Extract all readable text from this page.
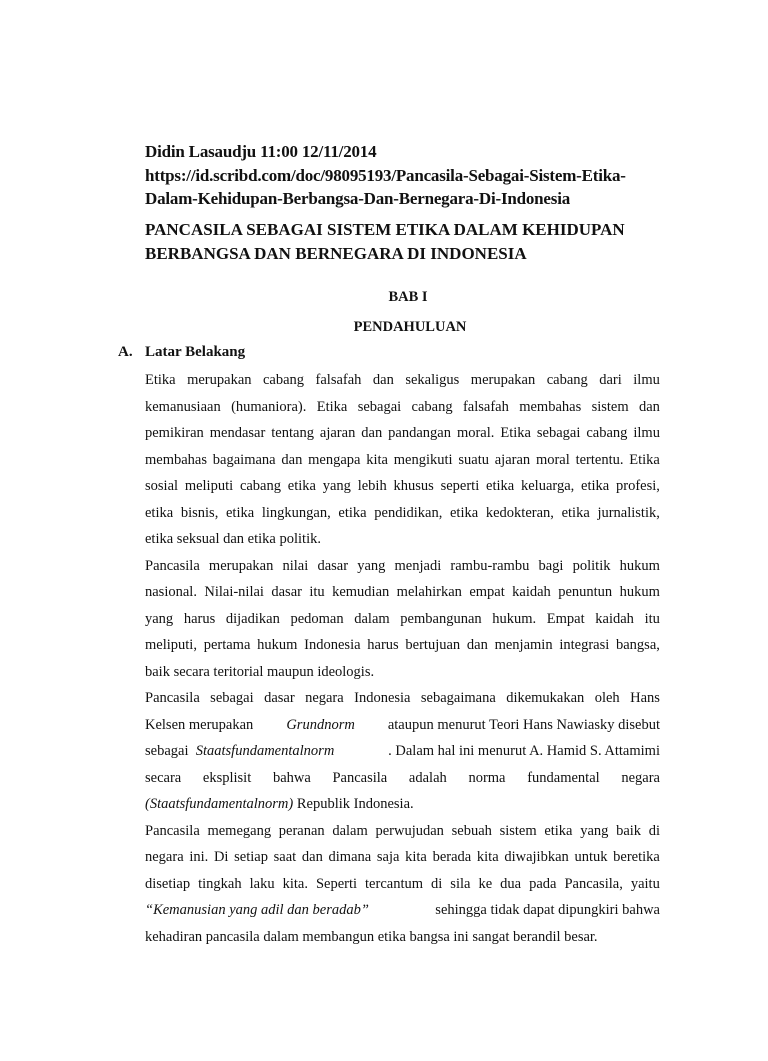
Didin Lasaudju 11:00 12/11/2014
https://id.scribd.com/doc/98095193/Pancasila-Sebagai-Sistem-Etika-
Dalam-Kehidupan-Berbangsa-Dan-Bernegara-Di-Indonesia
PANCASILA SEBAGAI SISTEM ETIKA DALAM KEHIDUPAN
BERBANGSA DAN BERNEGARA DI INDONESIA
BAB I
PENDAHULUAN
A. Latar Belakang
Etika merupakan cabang falsafah dan sekaligus merupakan cabang dari ilmu
kemanusiaan (humaniora). Etika sebagai cabang falsafah membahas sistem dan
pemikiran mendasar tentang ajaran dan pandangan moral. Etika sebagai cabang ilmu
membahas bagaimana dan mengapa kita mengikuti suatu ajaran moral tertentu. Etika
sosial meliputi cabang etika yang lebih khusus seperti etika keluarga, etika profesi,
etika bisnis, etika lingkungan, etika pendidikan, etika kedokteran, etika jurnalistik,
etika seksual dan etika politik.
Pancasila merupakan nilai dasar yang menjadi rambu-rambu bagi politik hukum
nasional. Nilai-nilai dasar itu kemudian melahirkan empat kaidah penuntun hukum
yang harus dijadikan pedoman dalam pembangunan hukum. Empat kaidah itu
meliputi, pertama hukum Indonesia harus bertujuan dan menjamin integrasi bangsa,
baik secara teritorial maupun ideologis.
Pancasila sebagai dasar negara Indonesia sebagaimana dikemukakan oleh Hans
Kelsen merupakan Grundnorm ataupun menurut Teori Hans Nawiasky disebut
sebagai Staatsfundamentalnorm	. Dalam hal ini menurut A. Hamid S. Attamimi
secara eksplisit bahwa Pancasila adalah norma fundamental negara
(Staatsfundamentalnorm) Republik Indonesia.
Pancasila memegang peranan dalam perwujudan sebuah sistem etika yang baik di
negara ini. Di setiap saat dan dimana saja kita berada kita diwajibkan untuk beretika
disetiap tingkah laku kita. Seperti tercantum di sila ke dua pada Pancasila, yaitu
“Kemanusian yang adil dan beradab”	sehingga tidak dapat dipungkiri bahwa
kehadiran pancasila dalam membangun etika bangsa ini sangat berandil besar.
